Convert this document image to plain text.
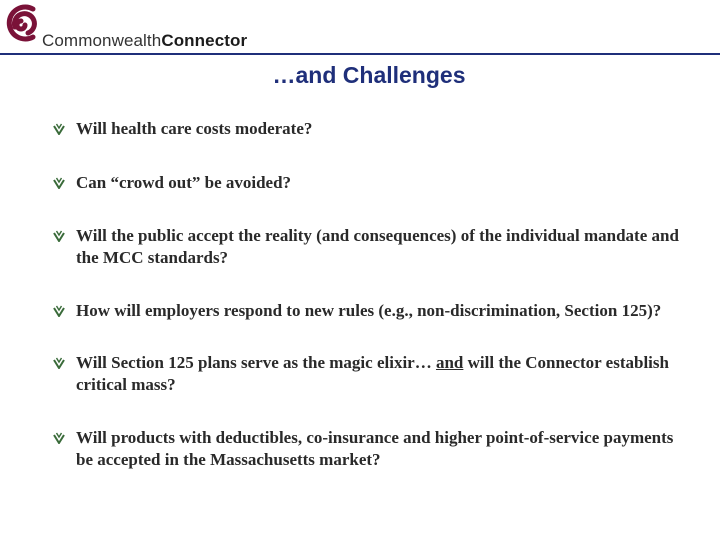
CommonwealthConnector
…and Challenges
Will health care costs moderate?
Can “crowd out” be avoided?
Will the public accept the reality (and consequences) of the individual mandate and the MCC standards?
How will employers respond to new rules (e.g., non-discrimination, Section 125)?
Will Section 125 plans serve as the magic elixir… and will the Connector establish critical mass?
Will products with deductibles, co-insurance and higher point-of-service payments be accepted in the Massachusetts market?
